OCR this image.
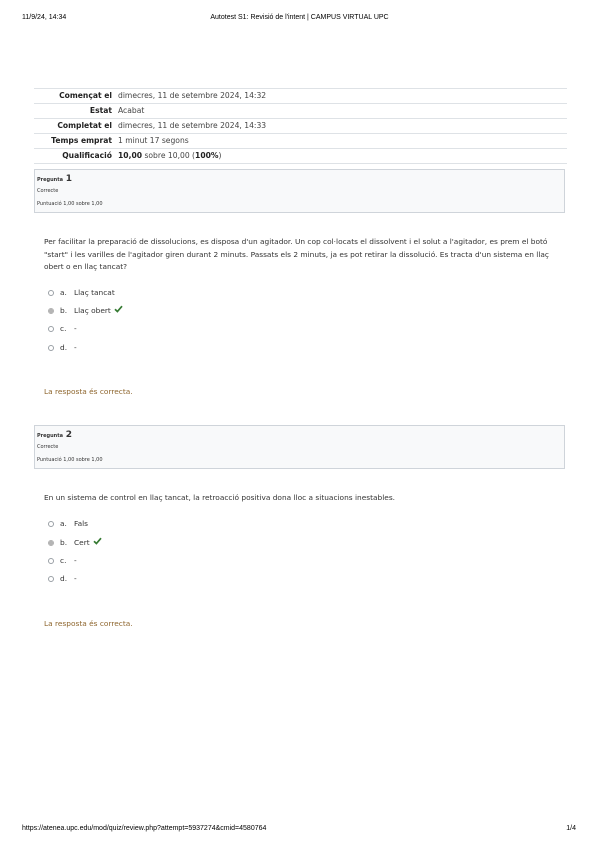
11/9/24, 14:34	Autotest S1: Revisió de l'intent | CAMPUS VIRTUAL UPC
Començat el dimecres, 11 de setembre 2024, 14:32
Estat Acabat
Completat el dimecres, 11 de setembre 2024, 14:33
Temps emprat 1 minut 17 segons
Qualificació 10,00 sobre 10,00 (100%)
Pregunta 1
Correcte
Puntuació 1,00 sobre 1,00
Per facilitar la preparació de dissolucions, es disposa d'un agitador. Un cop col·locats el dissolvent i el solut a l'agitador, es prem el botó "start" i les varilles de l'agitador giren durant 2 minuts. Passats els 2 minuts, ja es pot retirar la dissolució. Es tracta d'un sistema en llaç obert o en llaç tancat?
a. Llaç tancat
b. Llaç obert
c.	-
d. -
La resposta és correcta.
Pregunta 2
Correcte
Puntuació 1,00 sobre 1,00
En un sistema de control en llaç tancat, la retroacció positiva dona lloc a situacions inestables.
a. Fals
b. Cert
c.	-
d. -
La resposta és correcta.
https://atenea.upc.edu/mod/quiz/review.php?attempt=5937274&cmid=4580764	1/4
